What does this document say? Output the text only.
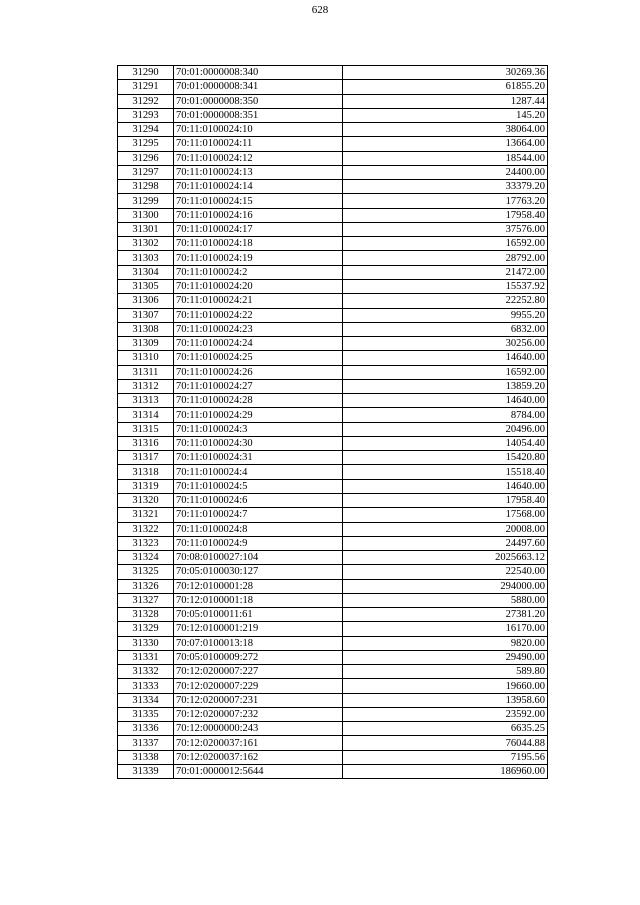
628
31290	70:01:0000008:340	30269.36
31291	70:01:0000008:341	61855.20
31292	70:01:0000008:350	1287.44
31293	70:01:0000008:351	145.20
31294	70:11:0100024:10	38064.00
31295	70:11:0100024:11	13664.00
31296	70:11:0100024:12	18544.00
31297	70:11:0100024:13	24400.00
31298	70:11:0100024:14	33379.20
31299	70:11:0100024:15	17763.20
31300	70:11:0100024:16	17958.40
31301	70:11:0100024:17	37576.00
31302	70:11:0100024:18	16592.00
31303	70:11:0100024:19	28792.00
31304	70:11:0100024:2	21472.00
31305	70:11:0100024:20	15537.92
31306	70:11:0100024:21	22252.80
31307	70:11:0100024:22	9955.20
31308	70:11:0100024:23	6832.00
31309	70:11:0100024:24	30256.00
31310	70:11:0100024:25	14640.00
31311	70:11:0100024:26	16592.00
31312	70:11:0100024:27	13859.20
31313	70:11:0100024:28	14640.00
31314	70:11:0100024:29	8784.00
31315	70:11:0100024:3	20496.00
31316	70:11:0100024:30	14054.40
31317	70:11:0100024:31	15420.80
31318	70:11:0100024:4	15518.40
31319	70:11:0100024:5	14640.00
31320	70:11:0100024:6	17958.40
31321	70:11:0100024:7	17568.00
31322	70:11:0100024:8	20008.00
31323	70:11:0100024:9	24497.60
31324	70:08:0100027:104	2025663.12
31325	70:05:0100030:127	22540.00
31326	70:12:0100001:28	294000.00
31327	70:12:0100001:18	5880.00
31328	70:05:0100011:61	27381.20
31329	70:12:0100001:219	16170.00
31330	70:07:0100013:18	9820.00
31331	70:05:0100009:272	29490.00
31332	70:12:0200007:227	589.80
31333	70:12:0200007:229	19660.00
31334	70:12:0200007:231	13958.60
31335	70:12:0200007:232	23592.00
31336	70:12:0000000:243	6635.25
31337	70:12:0200037:161	76044.88
31338	70:12:0200037:162	7195.56
31339	70:01:0000012:5644	186960.00
